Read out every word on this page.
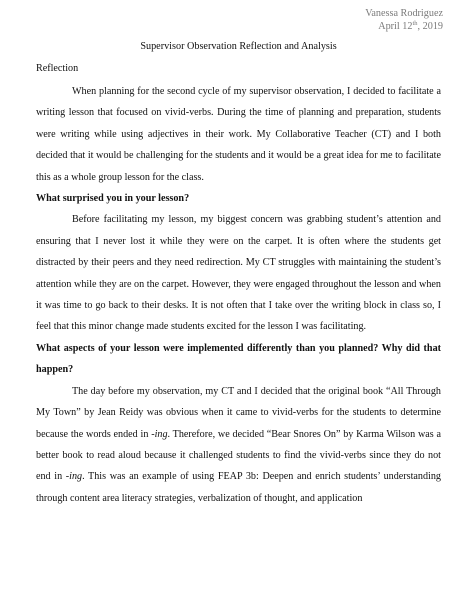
Vanessa Rodriguez
April 12th, 2019
Supervisor Observation Reflection and Analysis
Reflection

When planning for the second cycle of my supervisor observation, I decided to facilitate a writing lesson that focused on vivid-verbs. During the time of planning and preparation, students were writing while using adjectives in their work. My Collaborative Teacher (CT) and I both decided that it would be challenging for the students and it would be a great idea for me to facilitate this as a whole group lesson for the class.

What surprised you in your lesson?

Before facilitating my lesson, my biggest concern was grabbing student’s attention and ensuring that I never lost it while they were on the carpet. It is often where the students get distracted by their peers and they need redirection. My CT struggles with maintaining the student’s attention while they are on the carpet. However, they were engaged throughout the lesson and when it was time to go back to their desks. It is not often that I take over the writing block in class so, I feel that this minor change made students excited for the lesson I was facilitating.

What aspects of your lesson were implemented differently than you planned? Why did that happen?

The day before my observation, my CT and I decided that the original book “All Through My Town” by Jean Reidy was obvious when it came to vivid-verbs for the students to determine because the words ended in -ing. Therefore, we decided “Bear Snores On” by Karma Wilson was a better book to read aloud because it challenged students to find the vivid-verbs since they do not end in -ing. This was an example of using FEAP 3b: Deepen and enrich students’ understanding through content area literacy strategies, verbalization of thought, and application
